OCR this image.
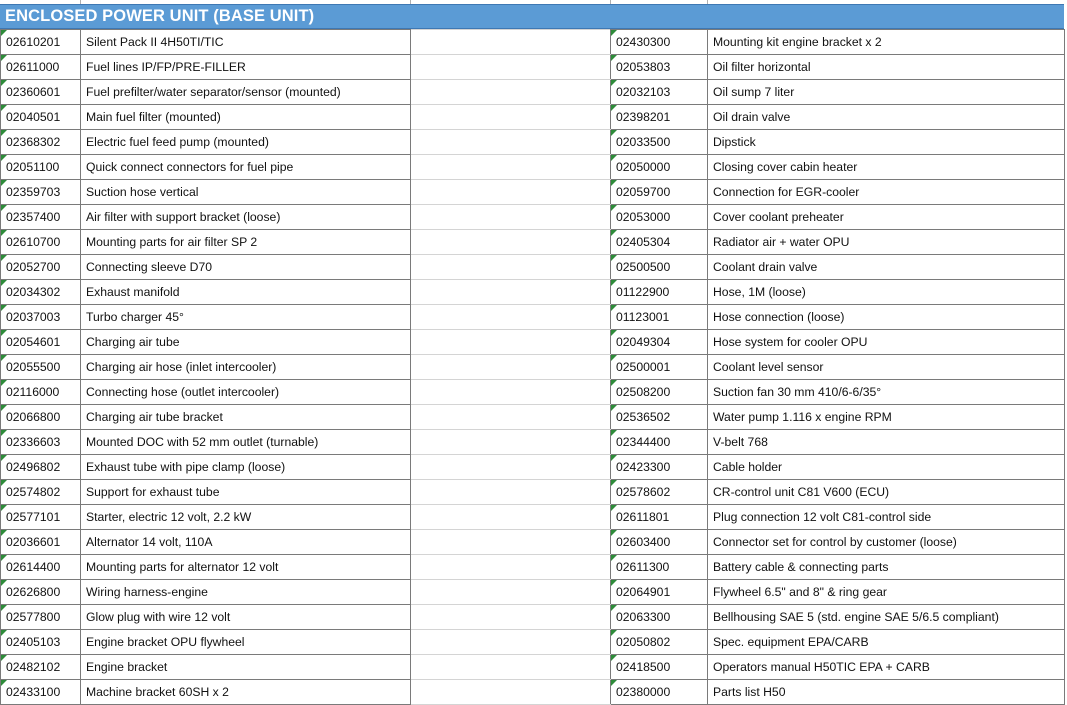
ENCLOSED POWER UNIT (BASE UNIT)
02610201	Silent Pack II 4H50TI/TIC		02430300	Mounting kit engine bracket x 2
02611000	Fuel lines IP/FP/PRE-FILLER		02053803	Oil filter horizontal
02360601	Fuel prefilter/water separator/sensor (mounted)		02032103	Oil sump 7 liter
02040501	Main fuel filter (mounted)		02398201	Oil drain valve
02368302	Electric fuel feed pump (mounted)		02033500	Dipstick
02051100	Quick connect connectors for fuel pipe		02050000	Closing cover cabin heater
02359703	Suction hose vertical		02059700	Connection for EGR-cooler
02357400	Air filter with support bracket (loose)		02053000	Cover coolant preheater
02610700	Mounting parts for air filter SP 2		02405304	Radiator air + water OPU
02052700	Connecting sleeve D70		02500500	Coolant drain valve
02034302	Exhaust manifold		01122900	Hose, 1M (loose)
02037003	Turbo charger 45°		01123001	Hose connection (loose)
02054601	Charging air tube		02049304	Hose system for cooler OPU
02055500	Charging air hose (inlet intercooler)		02500001	Coolant level sensor
02116000	Connecting hose (outlet intercooler)		02508200	Suction fan 30 mm 410/6-6/35°
02066800	Charging air tube bracket		02536502	Water pump 1.116 x engine RPM
02336603	Mounted DOC with 52 mm outlet (turnable)		02344400	V-belt 768
02496802	Exhaust tube with pipe clamp (loose)		02423300	Cable holder
02574802	Support for exhaust tube		02578602	CR-control unit C81 V600 (ECU)
02577101	Starter, electric 12 volt, 2.2 kW		02611801	Plug connection 12 volt C81-control side
02036601	Alternator 14 volt, 110A		02603400	Connector set for control by customer (loose)
02614400	Mounting parts for alternator 12 volt		02611300	Battery cable & connecting parts
02626800	Wiring harness-engine		02064901	Flywheel 6.5" and 8" & ring gear
02577800	Glow plug with wire 12 volt		02063300	Bellhousing SAE 5 (std. engine SAE 5/6.5 compliant)
02405103	Engine bracket OPU flywheel		02050802	Spec. equipment EPA/CARB
02482102	Engine bracket		02418500	Operators manual H50TIC EPA + CARB
02433100	Machine bracket 60SH x 2		02380000	Parts list H50
